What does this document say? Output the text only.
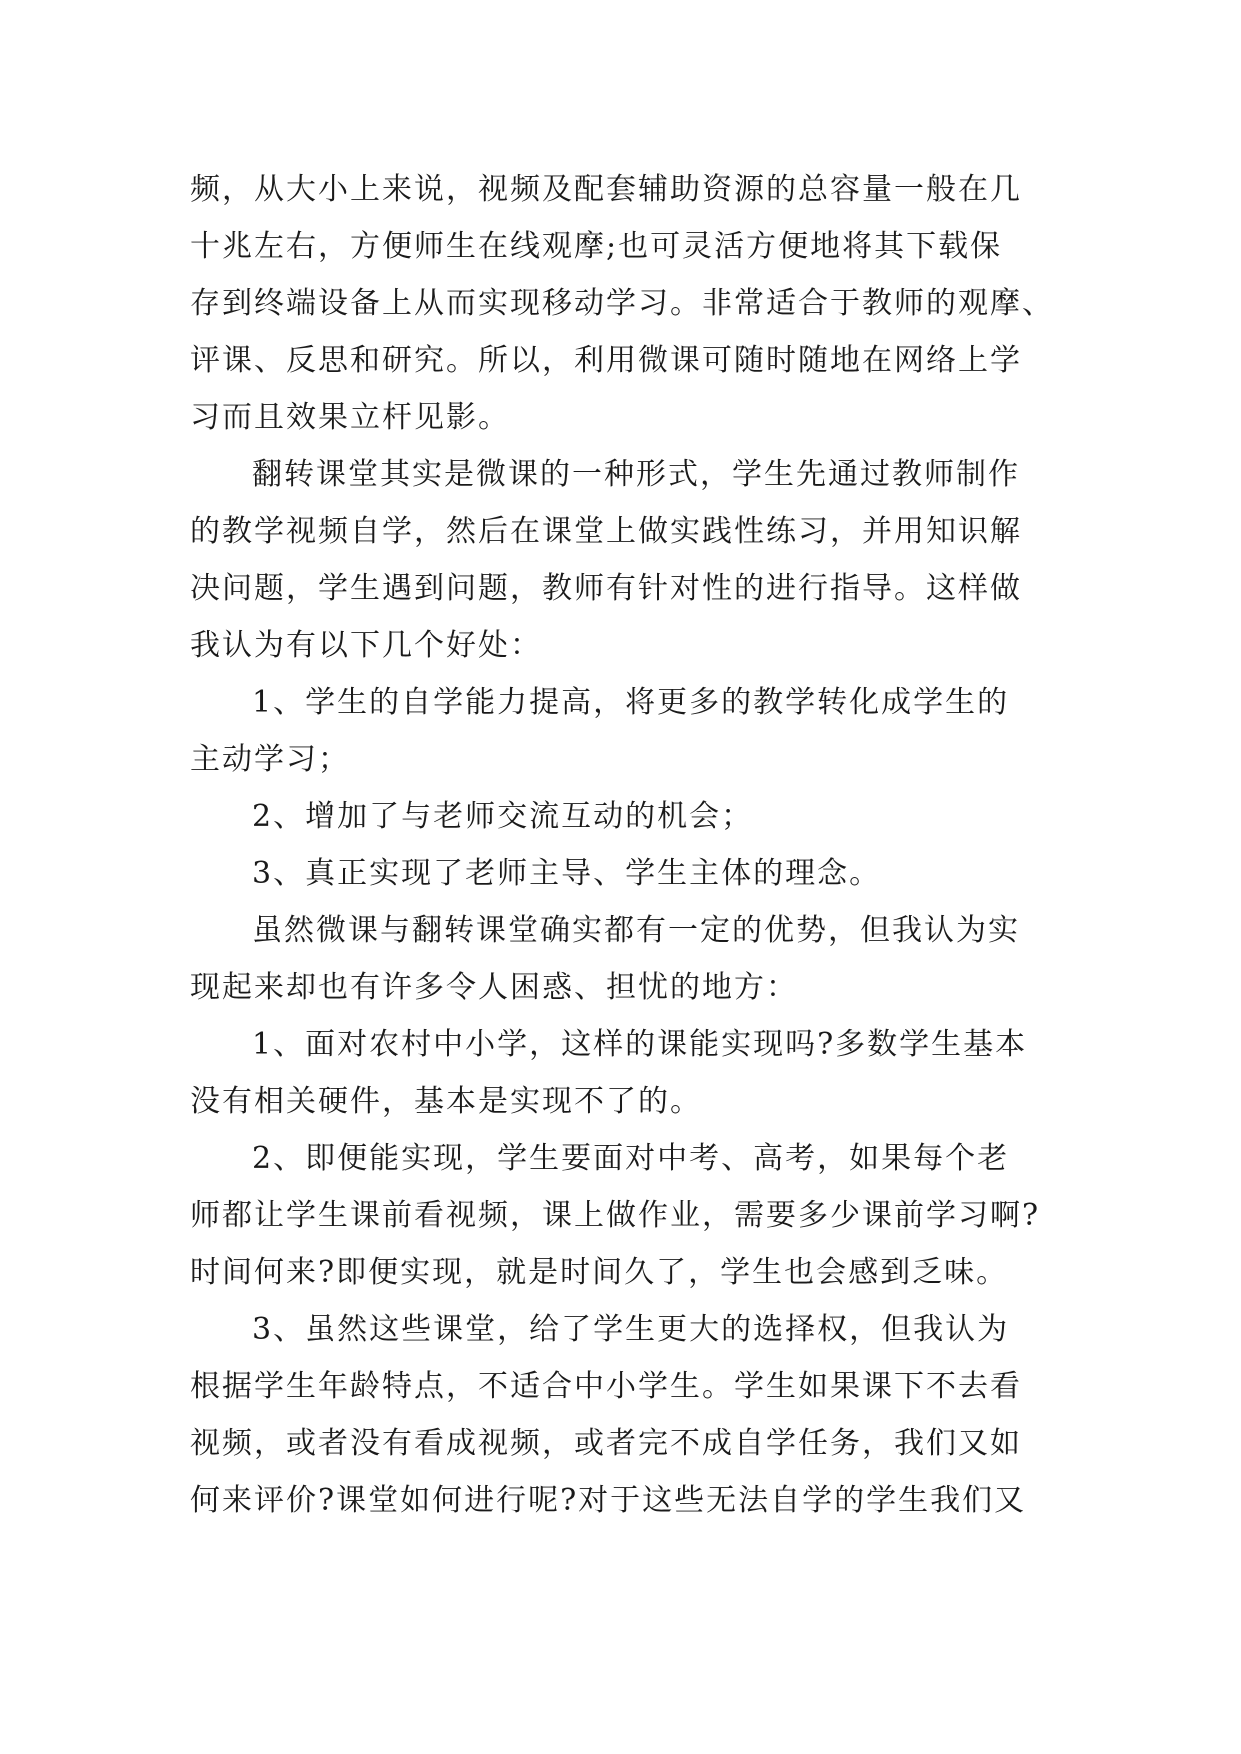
频，从大小上来说，视频及配套辅助资源的总容量一般在几
十兆左右，方便师生在线观摩;也可灵活方便地将其下载保
存到终端设备上从而实现移动学习。非常适合于教师的观摩、
评课、反思和研究。所以，利用微课可随时随地在网络上学
习而且效果立杆见影。
翻转课堂其实是微课的一种形式，学生先通过教师制作
的教学视频自学，然后在课堂上做实践性练习，并用知识解
决问题，学生遇到问题，教师有针对性的进行指导。这样做
我认为有以下几个好处：
1、学生的自学能力提高，将更多的教学转化成学生的
主动学习；
2、增加了与老师交流互动的机会；
3、真正实现了老师主导、学生主体的理念。
虽然微课与翻转课堂确实都有一定的优势，但我认为实
现起来却也有许多令人困惑、担忧的地方：
1、面对农村中小学，这样的课能实现吗?多数学生基本
没有相关硬件，基本是实现不了的。
2、即便能实现，学生要面对中考、高考，如果每个老
师都让学生课前看视频，课上做作业，需要多少课前学习啊?
时间何来?即便实现，就是时间久了，学生也会感到乏味。
3、虽然这些课堂，给了学生更大的选择权，但我认为
根据学生年龄特点，不适合中小学生。学生如果课下不去看
视频，或者没有看成视频，或者完不成自学任务，我们又如
何来评价?课堂如何进行呢?对于这些无法自学的学生我们又
